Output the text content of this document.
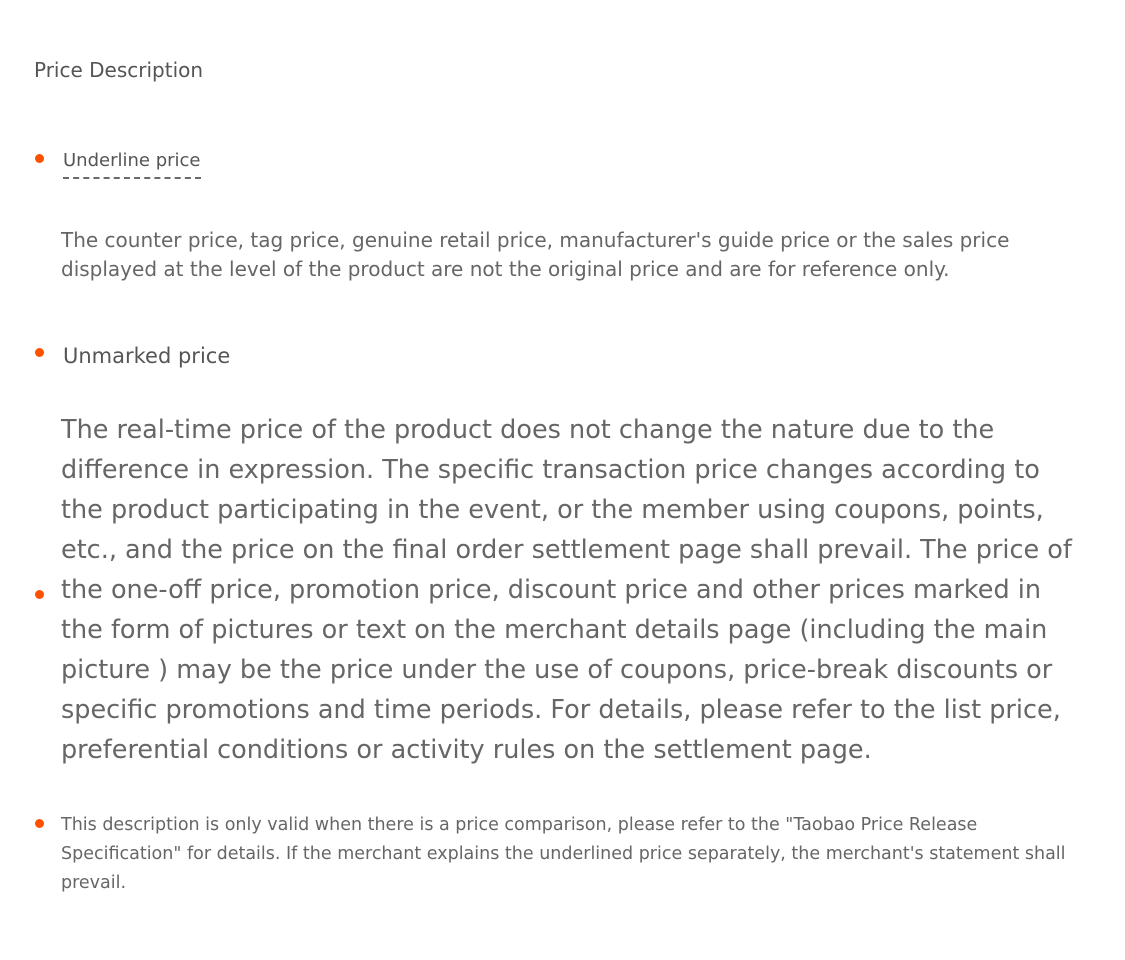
Price Description
Underline price
The counter price, tag price, genuine retail price, manufacturer's guide price or the sales price displayed at the level of the product are not the original price and are for reference only.
Unmarked price
The real-time price of the product does not change the nature due to the difference in expression. The specific transaction price changes according to the product participating in the event, or the member using coupons, points, etc., and the price on the final order settlement page shall prevail. The price of the one-off price, promotion price, discount price and other prices marked in the form of pictures or text on the merchant details page (including the main picture ) may be the price under the use of coupons, price-break discounts or specific promotions and time periods. For details, please refer to the list price, preferential conditions or activity rules on the settlement page.
This description is only valid when there is a price comparison, please refer to the "Taobao Price Release Specification" for details. If the merchant explains the underlined price separately, the merchant's statement shall prevail.
